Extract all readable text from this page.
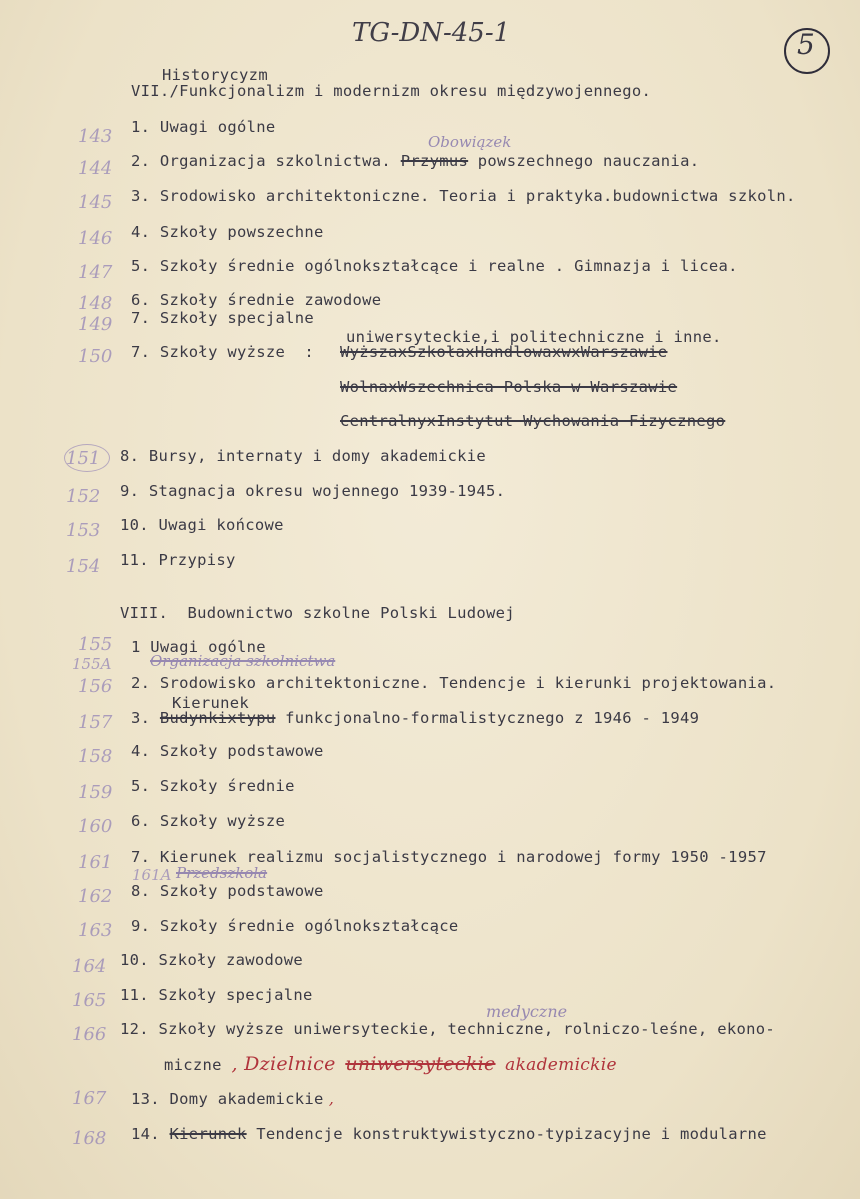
TG-DN-45-1	5
Historycyzm
VII./Funkcjonalizm i modernizm okresu międzywojennego.
143 1. Uwagi ogólne
Obowiązek
144 2. Organizacja szkolnictwa. Przymus powszechnego nauczania.
145 3. Srodowisko architektoniczne. Teoria i praktyka.budownictwa szkoln.
146 4. Szkoły powszechne
147 5. Szkoły średnie ogólnokształcące i realne . Gimnazja i licea.
148 6. Szkoły średnie zawodowe
149 7. Szkoły specjalne
uniwersyteckie,i politechniczne i inne.
150 7. Szkoły wyższe  : WyższaxSzkołaxHandlowaxwxWarszawie
WolnaxWszechnica Polska w Warszawie
CentralnyxInstytut Wychowania Fizycznego
151 8. Bursy, internaty i domy akademickie
152 9. Stagnacja okresu wojennego 1939-1945.
153 10. Uwagi końcowe
154 11. Przypisy
VIII. Budownictwo szkolne Polski Ludowej
155 1 Uwagi ogólne
155A	Organizacja szkolnictwa
156 2. Srodowisko architektoniczne. Tendencje i kierunki projektowania.
Kierunek
157 3. Budynkixtypu funkcjonalno-formalistycznego z 1946 - 1949
158 4. Szkoły podstawowe
159 5. Szkoły średnie
160 6. Szkoły wyższe
161 7. Kierunek realizmu socjalistycznego i narodowej formy 1950 -1957
161A Przedszkola
162 8. Szkoły podstawowe
163 9. Szkoły średnie ogólnokształcące
164 10. Szkoły zawodowe
165 11. Szkoły specjalne
medyczne
166 12. Szkoły wyższe uniwersyteckie, techniczne, rolniczo-leśne, ekono-
miczne , Dzielnice uniwersyteckie akademickie
167 13. Domy akademickie ,
168 14. Kierunek Tendencje konstruktywistyczno-typizacyjne i modularne
